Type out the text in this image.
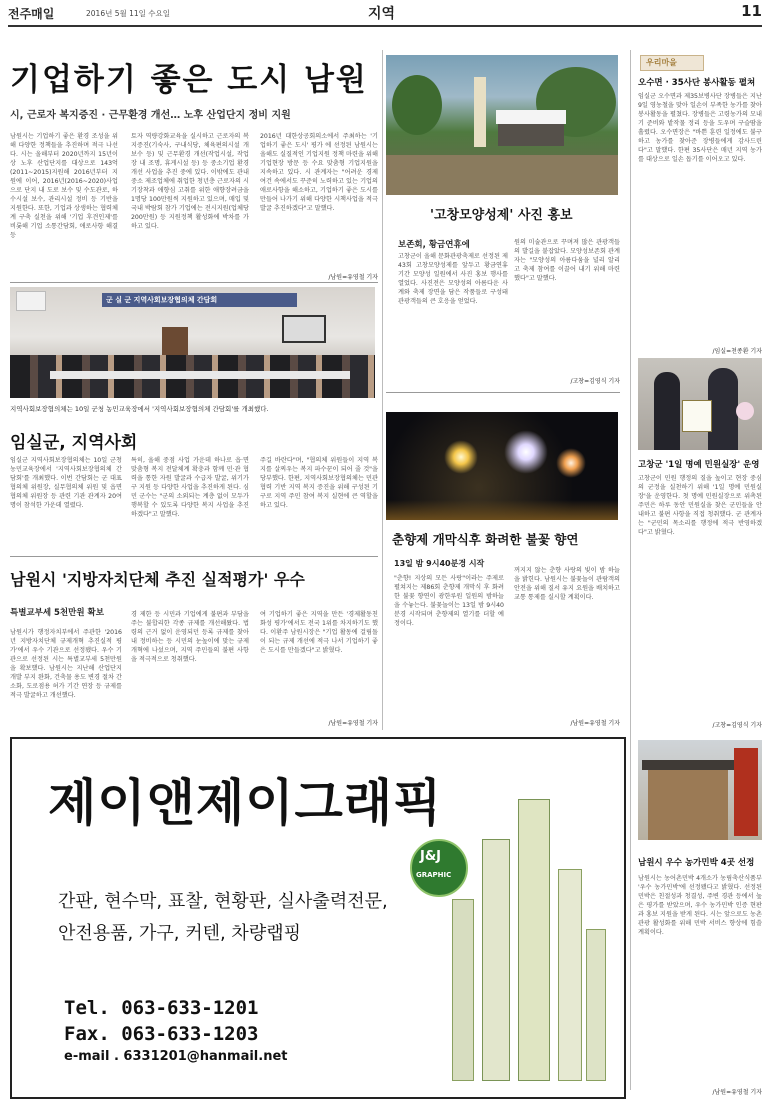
전주매일	2016년 5월 11일 수요일	지역	11
기업하기 좋은 도시 남원
시, 근로자 복지증진 · 근무환경 개선… 노후 산업단지 정비 지원
남원시는 기업하기 좋은 환경 조성을 위해 다양한 정책들을 추진하며 적극 나선다. 시는 올해부터 2020년까지 15년이상 노후 산업단지를 대상으로 143억(2011~2015)지원해 2016년부터 지원에 이어, 2016년(2016~2020)사업으로 단지 내 도로 보수 및 수도관로, 하수시설 보수, 관리시설 정비 등 기반을 지원한다. 또한, 기업과 상생하는 협력체계 구축 실천을 위해 '기업 후견인제'를 비롯해 기업 소통간담회, 애로사항 해결 등
토자 역량강화교육을 실시하고 근로자의 복지증진(기숙사, 구내식당, 체육편의시설 개보수 등) 및 근무환경 개선(작업시설, 작업장 내 조명, 휴게시설 등) 등 중소기업 환경개선 사업을 추진 중에 있다. 이밖에도 관내 중소 제조업체에 취업한 청년층 근로자의 시기장착과 애향심 고취를 위한 애향장려금을 1명당 100만원씩 지원하고 있으며, 매입 및 국내 박람회 참가 기업에는 전시지원(업체당 200만원) 등 지원정책 활성화에 박차를 가하고 있다.
2016년 대한상공회의소에서 주최하는 '기업하기 좋은 도시' 평가 에 선정된 남원시는 올해도 실질적인 기업지원 정책 마련을 위해 기업현장 방문 등 수요 맞춤형 기업지원을 지속하고 있다. 시 관계자는 "어려운 경제 여건 속에서도 꾸준히 노력하고 있는 기업의 애로사항을 해소하고, 기업하기 좋은 도시를 만들어 나가기 위해 다양한 시책사업을 적극 발굴 추진하겠다"고 말했다.
/남원=유영철 기자
군 실 군 지역사회보장협의체 간담회
지역사회보장협의체는 10일 군청 농민교육장에서 '지역사회보장협의체 간담회'를 개최했다.
임실군, 지역사회
임실군 지역사회보장협의체는 10일 군청 농민교육장에서 '지역사회보장협의체 간담회'를 개최했다. 이번 간담회는 군 대표협의체 위원장, 실무협의체 위원 및 읍면협의체 위원장 등 관련 기관 관계자 20여명이 참석한 가운데 열렸다.
특히, 올해 중점 사업 가운데 하나로 읍·면 맞춤형 복지 전달체계 확충과 함께 민·관 협력을 통한 자원 발굴과 수급자 발굴, 위기가구 지원 등 다양한 사업을 추진하게 된다. 심민 군수는 "군의 소외되는 계층 없이 모두가 행복할 수 있도록 다양한 복지 사업을 추진하겠다"고 말했다.
주길 바란다"며, "협의체 위원들이 지역 복지를 살찌우는 복지 파수꾼이 되어 줄 것"을 당부했다. 한편, 지역사회보장협의체는 민관협력 기반 지역 복지 증진을 위해 구성된 기구로 지역 주민 참여 복지 실현에 큰 역할을 하고 있다.
남원시 '지방자치단체 추진 실적평가' 우수
특별교부세 5천만원 확보
남원시가 행정자치부에서 주관한 '2016년 지방자치단체 규제개혁 추진실적 평가'에서 우수 기관으로 선정됐다. 우수 기관으로 선정된 시는 특별교부세 5천만원을 확보했다. 남원시는 지난해 산업단지 개발 부지 완화, 건축물 용도 변경 절차 간소화, 도로점용 허가 기간 연장 등 규제를 적극 발굴하고 개선했다.
경 제한 등 시민과 기업에게 불편과 부담을 주는 불합리한 각종 규제를 개선해왔다. 법령의 근거 없이 운영되던 등록 규제를 찾아내 정비하는 등 시민의 눈높이에 맞는 규제개혁에 나섰으며, 지역 주민들의 불편 사항을 적극적으로 청취했다.
여 기업하기 좋은 지역을 만든 '경제활동친화성 평가'에서도 전국 1위를 차지하기도 했다. 이환주 남원시장은 "기업 활동에 걸림돌이 되는 규제 개선에 적극 나서 기업하기 좋은 도시를 만들겠다"고 밝혔다.
/남원=유영철 기자
'고창모양성제' 사진 홍보
보존회, 황금연휴에
고창군이 올해 문화관광축제로 선정된 제43회 고창모양성제를 앞두고 황금연휴 기간 모양성 일원에서 사진 홍보 행사를 열었다. 사진전은 모양성의 아름다운 사계와 축제 장면을 담은 작품들로 구성돼 관광객들의 큰 호응을 얻었다.
원의 미술관으로 꾸며져 많은 관광객들의 발길을 붙잡았다. 모양성보존회 관계자는 "모양성의 아름다움을 널리 알리고 축제 참여를 이끌어 내기 위해 마련했다"고 말했다.
/고창=김영식 기자
춘향제 개막식후 화려한 불꽃 향연
13일 밤 9시40분경 시작
"춘향! 지상의 모든 사랑"이라는 주제로 펼쳐지는 제86회 춘향제 개막식 후 화려한 불꽃 향연이 광한루원 일원의 밤하늘을 수놓는다. 불꽃놀이는 13일 밤 9시40분경 시작되며 춘향제의 열기를 더할 예정이다.
꺼지지 않는 춘향 사랑의 빛이 밤 하늘을 밝힌다. 남원시는 불꽃놀이 관람객의 안전을 위해 질서 유지 요원을 배치하고 교통 통제를 실시할 계획이다.
/남원=유영철 기자
우리마을
오수면 · 35사단 봉사활동 펼쳐
임실군 오수면과 제35보병사단 장병들은 지난 9일 영농철을 맞아 일손이 부족한 농가를 찾아 봉사활동을 펼쳤다. 장병들은 고령농가의 모내기 준비와 밭작물 정리 등을 도우며 구슬땀을 흘렸다. 오수면장은 "바쁜 훈련 일정에도 불구하고 농가를 찾아준 장병들에게 감사드린다"고 말했다. 한편 35사단은 매년 지역 농가를 대상으로 일손 돕기를 이어오고 있다.
/임실=천종환 기자
고창군 '1일 명예 민원실장' 운영
고창군이 민원 행정의 질을 높이고 현장 중심의 군정을 실천하기 위해 '1일 명예 민원실장'을 운영한다. 첫 명예 민원실장으로 위촉된 주민은 하루 동안 민원실을 찾은 군민들을 안내하고 불편 사항을 직접 청취했다. 군 관계자는 "군민의 목소리를 행정에 적극 반영하겠다"고 밝혔다.
/고창=김영식 기자
남원시 우수 농가민박 4곳 선정
남원시는 농어촌민박 4개소가 농림축산식품부 '우수 농가민박'에 선정됐다고 밝혔다. 선정된 민박은 친절성과 청결성, 주변 경관 등에서 높은 평가를 받았으며, 우수 농가민박 인증 현판과 홍보 지원을 받게 된다. 시는 앞으로도 농촌 관광 활성화를 위해 민박 서비스 향상에 힘쓸 계획이다.
/남원=유영철 기자
제이앤제이그래픽
J&J
GRAPHIC
간판, 현수막, 표찰, 현황판, 실사출력전문,
안전용품, 가구, 커텐, 차량랩핑
Tel. 063-633-1201
Fax. 063-633-1203
e-mail . 6331201@hanmail.net
